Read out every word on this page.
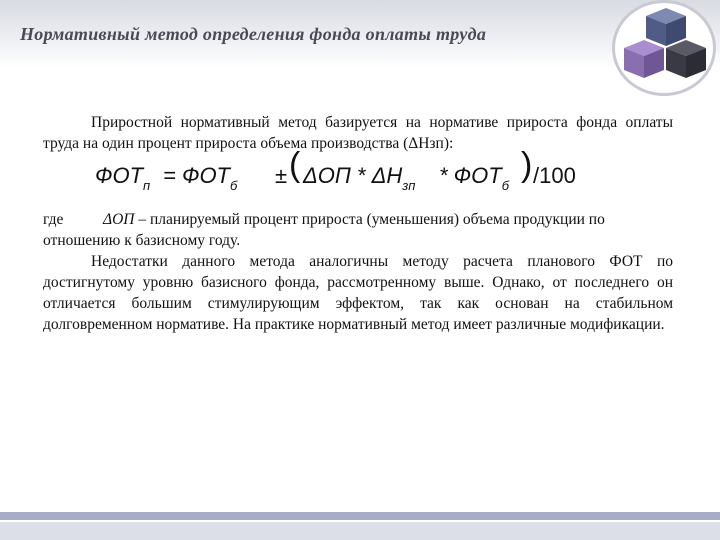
Нормативный метод определения фонда оплаты труда

Приростной нормативный метод базируется на нормативе прироста фонда оплаты труда на один процент прироста объема производства (ΔНзп):

$ФОТ_п = ФОТ_б$ ± ( ΔОП * $\Delta Н_{зп} * ФОТ_б$
) /100

где	ΔОП – планируемый процент прироста (уменьшения) объема продукции по отношению к базисному году.

Недостатки данного метода аналогичны методу расчета планового ФОТ по достигнутому уровню базисного фонда, рассмотренному выше. Однако, от последнего он отличается большим стимулирующим эффектом, так как основан на стабильном долговременном нормативе. На практике нормативный метод имеет различные модификации.
